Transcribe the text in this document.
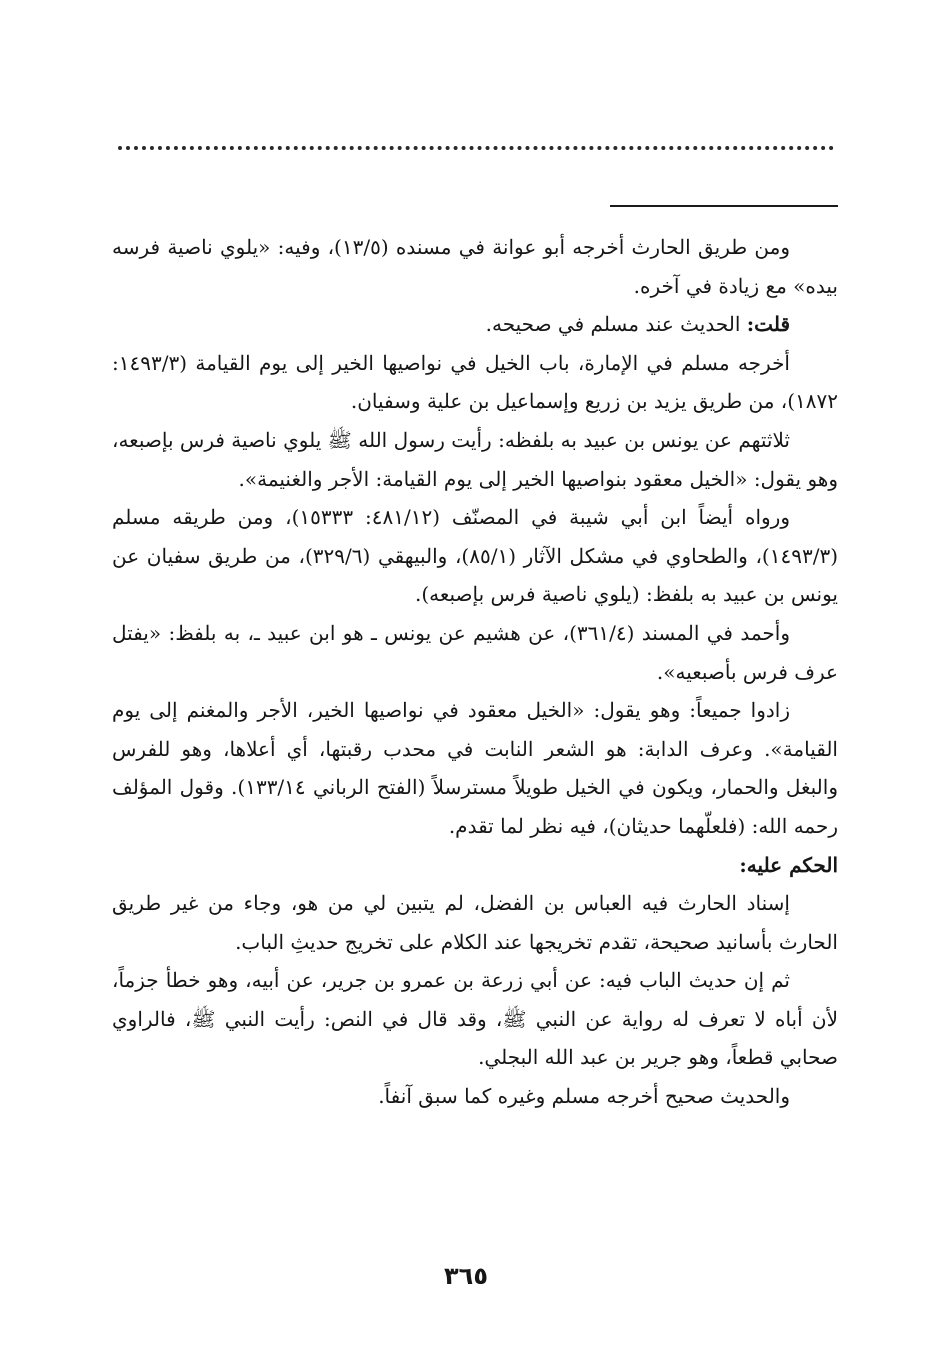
ومن طريق الحارث أخرجه أبو عوانة في مسنده (١٣/٥)، وفيه: «يلوي ناصية فرسه بيده» مع زيادة في آخره.

قلت: الحديث عند مسلم في صحيحه.

أخرجه مسلم في الإمارة، باب الخيل في نواصيها الخير إلى يوم القيامة (١٤٩٣/٣: ١٨٧٢)، من طريق يزيد بن زريع وإسماعيل بن علية وسفيان.

ثلاثتهم عن يونس بن عبيد به بلفظه: رأيت رسول الله ﷺ يلوي ناصية فرس بإصبعه، وهو يقول: «الخيل معقود بنواصيها الخير إلى يوم القيامة: الأجر والغنيمة».

ورواه أيضاً ابن أبي شيبة في المصنّف (٤٨١/١٢: ١٥٣٣٣)، ومن طريقه مسلم (١٤٩٣/٣)، والطحاوي في مشكل الآثار (٨٥/١)، والبيهقي (٣٢٩/٦)، من طريق سفيان عن يونس بن عبيد به بلفظ: (يلوي ناصية فرس بإصبعه).

وأحمد في المسند (٣٦١/٤)، عن هشيم عن يونس ـ هو ابن عبيد ـ، به بلفظ: «يفتل عرف فرس بأصبعيه».

زادوا جميعاً: وهو يقول: «الخيل معقود في نواصيها الخير، الأجر والمغنم إلى يوم القيامة». وعرف الدابة: هو الشعر النابت في محدب رقبتها، أي أعلاها، وهو للفرس والبغل والحمار، ويكون في الخيل طويلاً مسترسلاً (الفتح الرباني ١٣٣/١٤). وقول المؤلف رحمه الله: (فلعلّهما حديثان)، فيه نظر لما تقدم.

الحكم عليه:

إسناد الحارث فيه العباس بن الفضل، لم يتبين لي من هو، وجاء من غير طريق الحارث بأسانيد صحيحة، تقدم تخريجها عند الكلام على تخريج حديثِ الباب.

ثم إن حديث الباب فيه: عن أبي زرعة بن عمرو بن جرير، عن أبيه، وهو خطأ جزماً، لأن أباه لا تعرف له رواية عن النبي ﷺ، وقد قال في النص: رأيت النبي ﷺ، فالراوي صحابي قطعاً، وهو جرير بن عبد الله البجلي.

والحديث صحيح أخرجه مسلم وغيره كما سبق آنفاً.

٣٦٥
